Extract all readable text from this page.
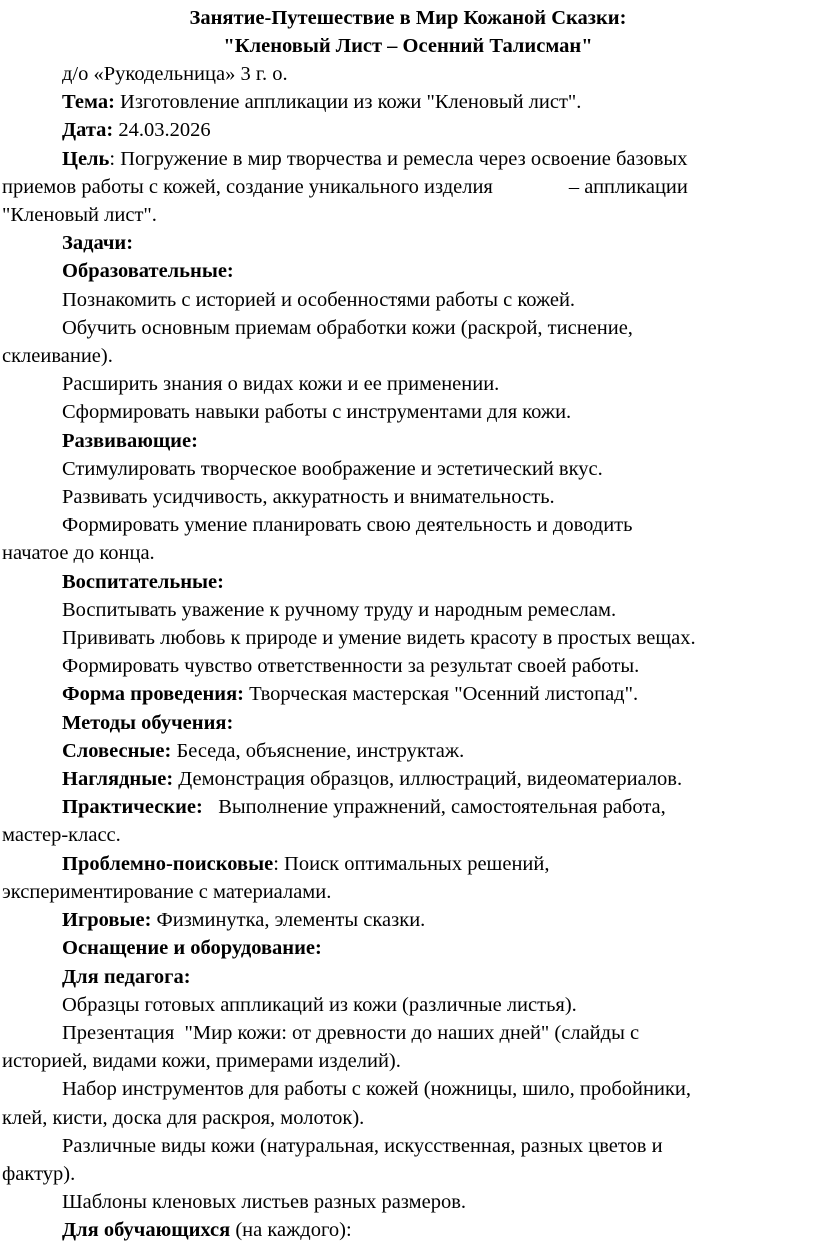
Занятие-Путешествие в Мир Кожаной Сказки:
"Кленовый Лист – Осенний Талисман"

д/о «Рукодельница» 3 г. о.

Тема: Изготовление аппликации из кожи "Кленовый лист".

Дата: 24.03.2026

Цель: Погружение в мир творчества и ремесла через освоение базовых

приемов работы с кожей, создание уникального изделия	– аппликации

"Кленовый лист".

Задачи:

Образовательные:

Познакомить с историей и особенностями работы с кожей.

Обучить основным приемам обработки кожи (раскрой, тиснение,

склеивание).

Расширить знания о видах кожи и ее применении.

Сформировать навыки работы с инструментами для кожи.

Развивающие:

Стимулировать творческое воображение и эстетический вкус.

Развивать усидчивость, аккуратность и внимательность.

Формировать умение планировать свою деятельность и доводить

начатое до конца.

Воспитательные:

Воспитывать уважение к ручному труду и народным ремеслам.

Прививать любовь к природе и умение видеть красоту в простых вещах.

Формировать чувство ответственности за результат своей работы.

Форма проведения: Творческая мастерская "Осенний листопад".

Методы обучения:

Словесные: Беседа, объяснение, инструктаж.

Наглядные: Демонстрация образцов, иллюстраций, видеоматериалов.

Практические:   Выполнение упражнений, самостоятельная работа,

мастер-класс.

Проблемно-поисковые: Поиск оптимальных решений,

экспериментирование с материалами.

Игровые: Физминутка, элементы сказки.

Оснащение и оборудование:

Для педагога:

Образцы готовых аппликаций из кожи (различные листья).

Презентация  "Мир кожи: от древности до наших дней" (слайды с

историей, видами кожи, примерами изделий).

Набор инструментов для работы с кожей (ножницы, шило, пробойники,

клей, кисти, доска для раскроя, молоток).

Различные виды кожи (натуральная, искусственная, разных цветов и

фактур).

Шаблоны кленовых листьев разных размеров.

Для обучающихся (на каждого):
